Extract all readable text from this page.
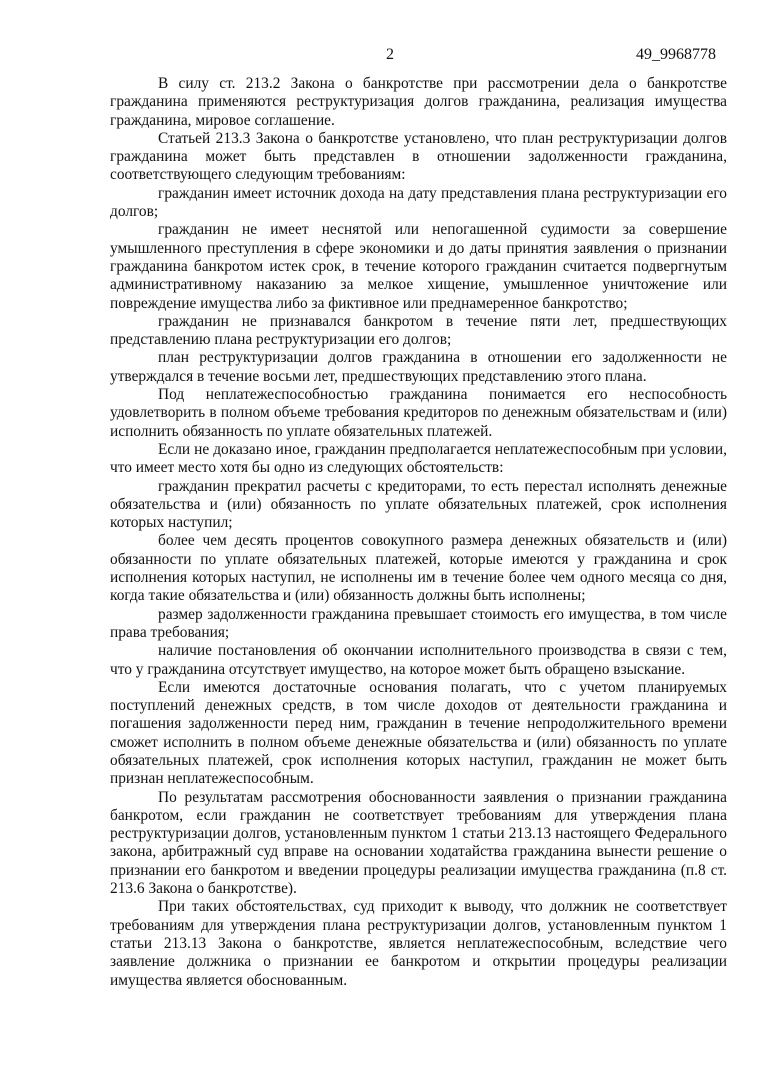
2	49_9968778

В силу ст. 213.2 Закона о банкротстве при рассмотрении дела о банкротстве гражданина применяются реструктуризация долгов гражданина, реализация имущества гражданина, мировое соглашение.

Статьей 213.3 Закона о банкротстве установлено, что план реструктуризации долгов гражданина может быть представлен в отношении задолженности гражданина, соответствующего следующим требованиям:

гражданин имеет источник дохода на дату представления плана реструктуризации его долгов;

гражданин не имеет неснятой или непогашенной судимости за совершение умышленного преступления в сфере экономики и до даты принятия заявления о признании гражданина банкротом истек срок, в течение которого гражданин считается подвергнутым административному наказанию за мелкое хищение, умышленное уничтожение или повреждение имущества либо за фиктивное или преднамеренное банкротство;

гражданин не признавался банкротом в течение пяти лет, предшествующих представлению плана реструктуризации его долгов;

план реструктуризации долгов гражданина в отношении его задолженности не утверждался в течение восьми лет, предшествующих представлению этого плана.

Под неплатежеспособностью гражданина понимается его неспособность удовлетворить в полном объеме требования кредиторов по денежным обязательствам и (или) исполнить обязанность по уплате обязательных платежей.

Если не доказано иное, гражданин предполагается неплатежеспособным при условии, что имеет место хотя бы одно из следующих обстоятельств:

гражданин прекратил расчеты с кредиторами, то есть перестал исполнять денежные обязательства и (или) обязанность по уплате обязательных платежей, срок исполнения которых наступил;

более чем десять процентов совокупного размера денежных обязательств и (или) обязанности по уплате обязательных платежей, которые имеются у гражданина и срок исполнения которых наступил, не исполнены им в течение более чем одного месяца со дня, когда такие обязательства и (или) обязанность должны быть исполнены;

размер задолженности гражданина превышает стоимость его имущества, в том числе права требования;

наличие постановления об окончании исполнительного производства в связи с тем, что у гражданина отсутствует имущество, на которое может быть обращено взыскание.

Если имеются достаточные основания полагать, что с учетом планируемых поступлений денежных средств, в том числе доходов от деятельности гражданина и погашения задолженности перед ним, гражданин в течение непродолжительного времени сможет исполнить в полном объеме денежные обязательства и (или) обязанность по уплате обязательных платежей, срок исполнения которых наступил, гражданин не может быть признан неплатежеспособным.

По результатам рассмотрения обоснованности заявления о признании гражданина банкротом, если гражданин не соответствует требованиям для утверждения плана реструктуризации долгов, установленным пунктом 1 статьи 213.13 настоящего Федерального закона, арбитражный суд вправе на основании ходатайства гражданина вынести решение о признании его банкротом и введении процедуры реализации имущества гражданина (п.8 ст. 213.6 Закона о банкротстве).

При таких обстоятельствах, суд приходит к выводу, что должник не соответствует требованиям для утверждения плана реструктуризации долгов, установленным пунктом 1 статьи 213.13 Закона о банкротстве, является неплатежеспособным, вследствие чего заявление должника о признании ее банкротом и открытии процедуры реализации имущества является обоснованным.
